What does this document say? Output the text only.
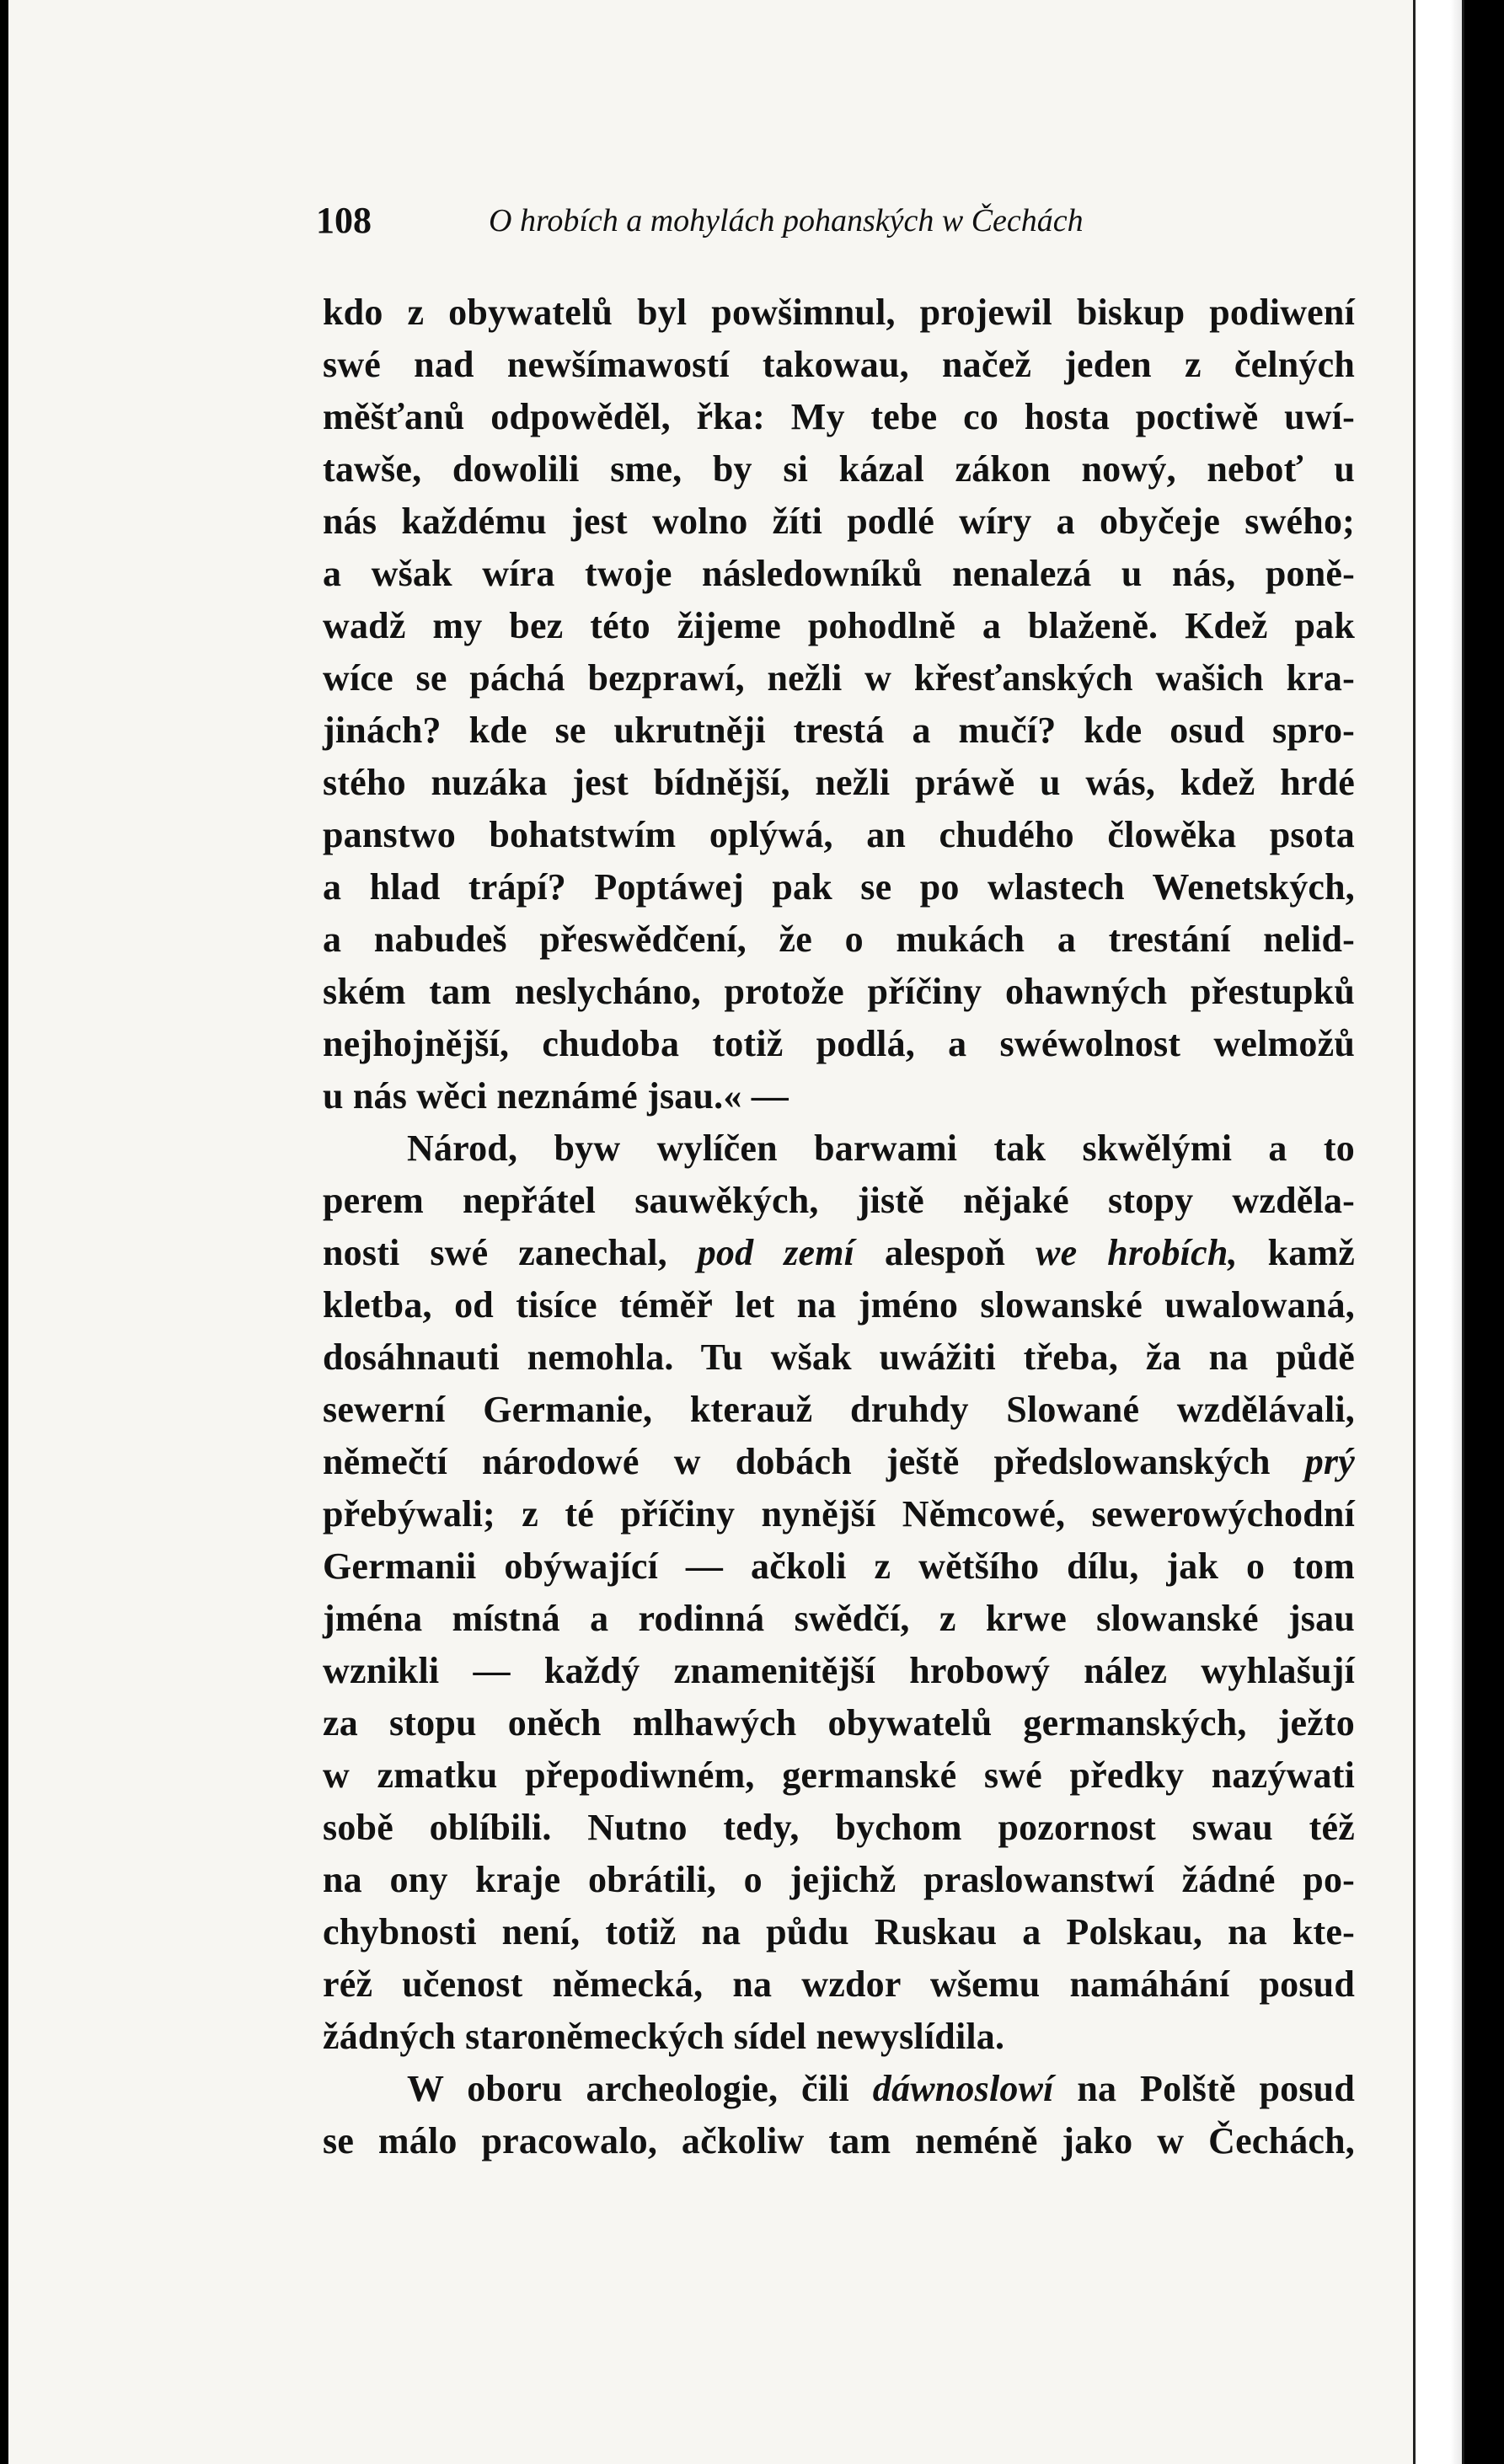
108	O hrobích a mohylách pohanských w Čechách
kdo z obywatelů byl powšimnul, projewil biskup podiwení
swé nad newšímawostí takowau, načež jeden z čelných
měšťanů odpowěděl, řka: My tebe co hosta poctiwě uwí-
tawše, dowolili sme, by si kázal zákon nowý, neboť u
nás každému jest wolno žíti podlé wíry a obyčeje swého;
a wšak wíra twoje následowníků nenalezá u nás, poně-
wadž my bez této žijeme pohodlně a blaženě. Kdež pak
wíce se páchá bezprawí, nežli w křesťanských wašich kra-
jinách? kde se ukrutněji trestá a mučí? kde osud spro-
stého nuzáka jest bídnější, nežli práwě u wás, kdež hrdé
panstwo bohatstwím oplýwá, an chudého člowěka psota
a hlad trápí? Poptáwej pak se po wlastech Wenetských,
a nabudeš přeswědčení, že o mukách a trestání nelid-
ském tam neslycháno, protože příčiny ohawných přestupků
nejhojnější, chudoba totiž podlá, a swéwolnost welmožů
u nás wěci neznámé jsau.« —
Národ, byw wylíčen barwami tak skwělými a to
perem nepřátel sauwěkých, jistě nějaké stopy wzděla-
nosti swé zanechal, pod zemí alespoň we hrobích, kamž
kletba, od tisíce téměř let na jméno slowanské uwalowaná,
dosáhnauti nemohla. Tu wšak uwážiti třeba, ža na půdě
sewerní Germanie, kterauž druhdy Slowané wzdělávali,
němečtí národowé w dobách ještě předslowanských prý
přebýwali; z té příčiny nynější Němcowé, sewerowýchodní
Germanii obýwající — ačkoli z wětšího dílu, jak o tom
jména místná a rodinná swědčí, z krwe slowanské jsau
wznikli — každý znamenitější hrobowý nález wyhlašují
za stopu oněch mlhawých obywatelů germanských, ježto
w zmatku přepodiwném, germanské swé předky nazýwati
sobě oblíbili. Nutno tedy, bychom pozornost swau též
na ony kraje obrátili, o jejichž praslowanstwí žádné po-
chybnosti není, totiž na půdu Ruskau a Polskau, na kte-
réž učenost německá, na wzdor wšemu namáhání posud
žádných staroněmeckých sídel newyslídila.
W oboru archeologie, čili dáwnoslowí na Polště posud
se málo pracowalo, ačkoliw tam neméně jako w Čechách,
